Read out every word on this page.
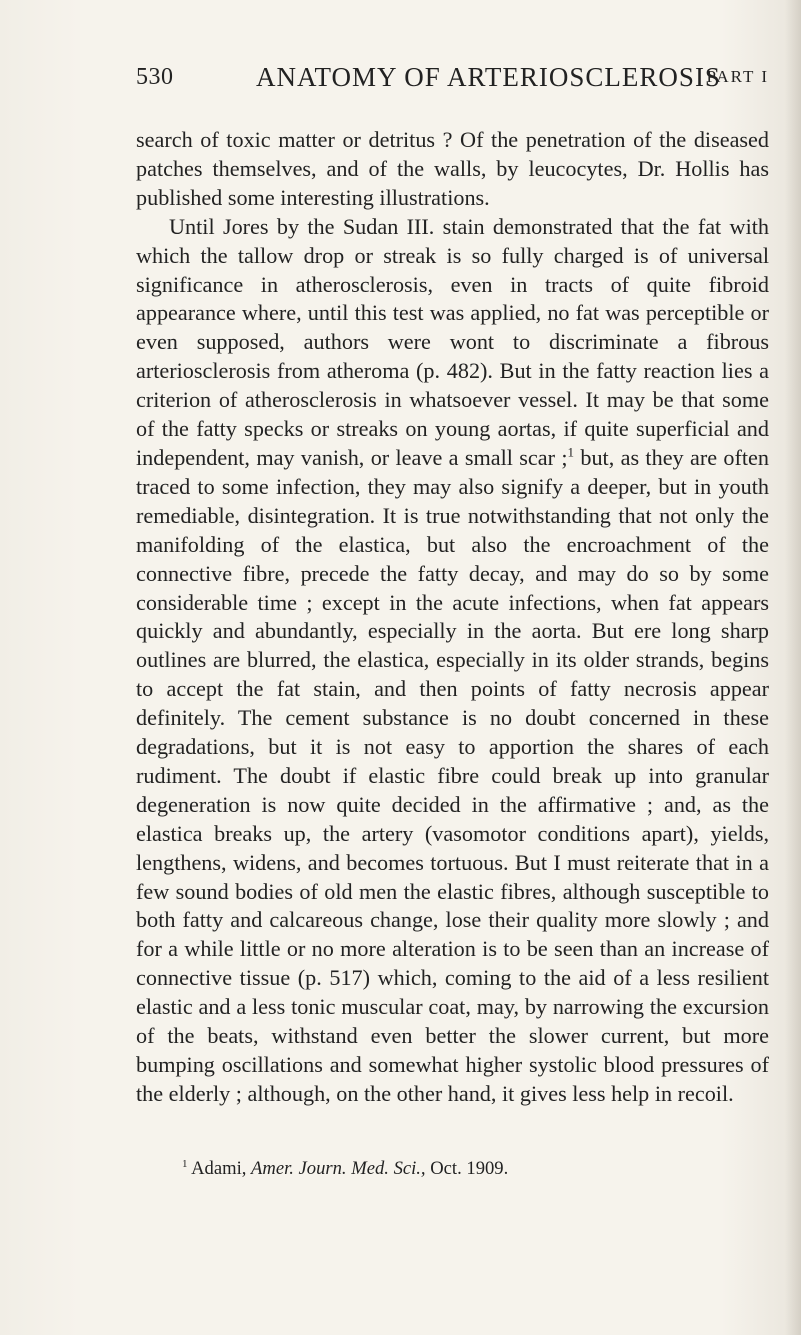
530	ANATOMY OF ARTERIOSCLEROSIS
PART I

search of toxic matter or detritus ? Of the penetration of the diseased patches themselves, and of the walls, by leucocytes, Dr. Hollis has published some interesting illustrations.

Until Jores by the Sudan III. stain demonstrated that the fat with which the tallow drop or streak is so fully charged is of universal significance in atherosclerosis, even in tracts of quite fibroid appearance where, until this test was applied, no fat was perceptible or even supposed, authors were wont to discriminate a fibrous arteriosclerosis from atheroma (p. 482). But in the fatty reaction lies a criterion of atherosclerosis in whatsoever vessel. It may be that some of the fatty specks or streaks on young aortas, if quite superficial and independent, may vanish, or leave a small scar ;$^1$ but, as they are often traced to some infection, they may also signify a deeper, but in youth remediable, disintegration. It is true notwithstanding that not only the manifolding of the elastica, but also the encroachment of the connective fibre, precede the fatty decay, and may do so by some considerable time ; except in the acute infections, when fat appears quickly and abundantly, especially in the aorta. But ere long sharp outlines are blurred, the elastica, especially in its older strands, begins to accept the fat stain, and then points of fatty necrosis appear definitely. The cement substance is no doubt concerned in these degradations, but it is not easy to apportion the shares of each rudiment. The doubt if elastic fibre could break up into granular degeneration is now quite decided in the affirmative ; and, as the elastica breaks up, the artery (vasomotor conditions apart), yields, lengthens, widens, and becomes tortuous. But I must reiterate that in a few sound bodies of old men the elastic fibres, although susceptible to both fatty and calcareous change, lose their quality more slowly ; and for a while little or no more alteration is to be seen than an increase of connective tissue (p. 517) which, coming to the aid of a less resilient elastic and a less tonic muscular coat, may, by narrowing the excursion of the beats, withstand even better the slower current, but more bumping oscillations and somewhat higher systolic blood pressures of the elderly ; although, on the other hand, it gives less help in recoil.

$^1$ Adami, Amer. Journ. Med. Sci., Oct. 1909.
